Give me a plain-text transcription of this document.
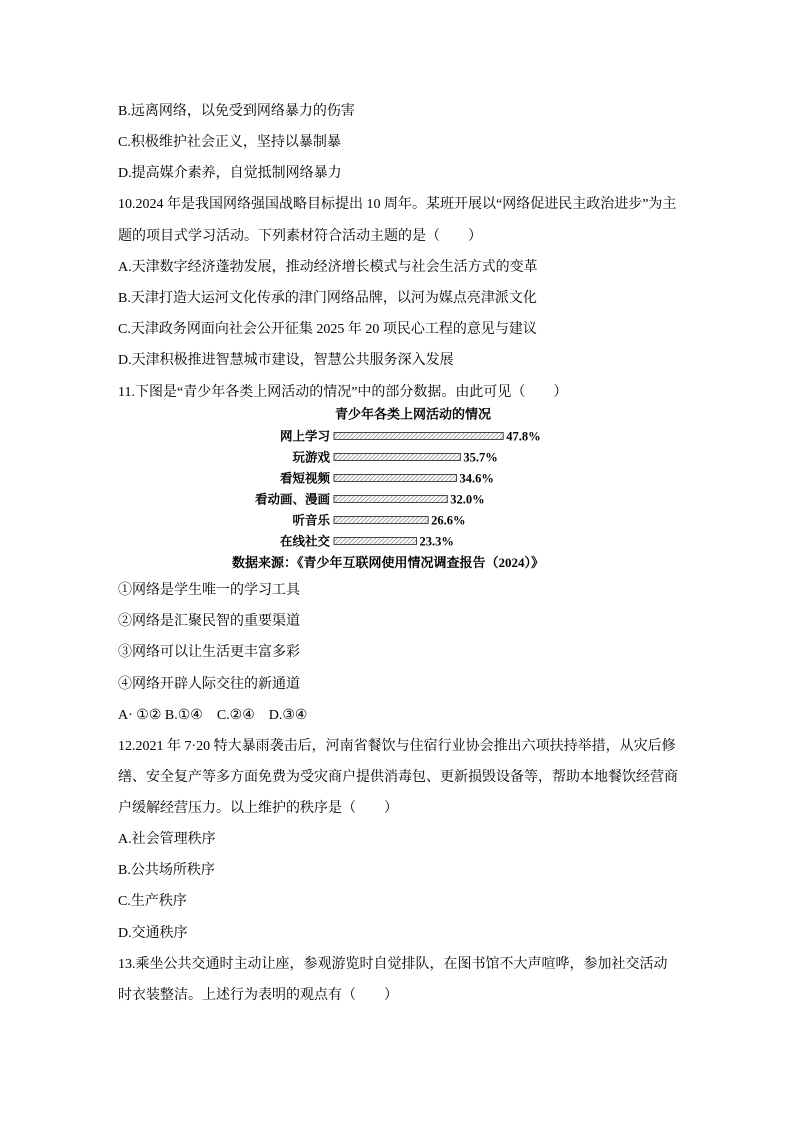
B.远离网络，以免受到网络暴力的伤害
C.积极维护社会正义，坚持以暴制暴
D.提高媒介素养，自觉抵制网络暴力
10.2024 年是我国网络强国战略目标提出 10 周年。某班开展以“网络促进民主政治进步”为主
题的项目式学习活动。下列素材符合活动主题的是（　　）
A.天津数字经济蓬勃发展，推动经济增长模式与社会生活方式的变革
B.天津打造大运河文化传承的津门网络品牌，以河为媒点亮津派文化
C.天津政务网面向社会公开征集 2025 年 20 项民心工程的意见与建议
D.天津积极推进智慧城市建设，智慧公共服务深入发展
11.下图是“青少年各类上网活动的情况”中的部分数据。由此可见（　　）
青少年各类上网活动的情况
网上学习	47.8%
玩游戏	35.7%
看短视频	34.6%
看动画、漫画	32.0%
听音乐	26.6%
在线社交	23.3%
数据来源：《青少年互联网使用情况调查报告（2024）》
①网络是学生唯一的学习工具
②网络是汇聚民智的重要渠道
③网络可以让生活更丰富多彩
④网络开辟人际交往的新通道
A· ①② B.①④　C.②④　D.③④
12.2021 年 7·20 特大暴雨袭击后，河南省餐饮与住宿行业协会推出六项扶持举措，从灾后修
缮、安全复产等多方面免费为受灾商户提供消毒包、更新损毁设备等，帮助本地餐饮经营商
户缓解经营压力。以上维护的秩序是（　　）
A.社会管理秩序
B.公共场所秩序
C.生产秩序
D.交通秩序
13.乘坐公共交通时主动让座，参观游览时自觉排队，在图书馆不大声喧哗，参加社交活动
时衣装整洁。上述行为表明的观点有（　　）
